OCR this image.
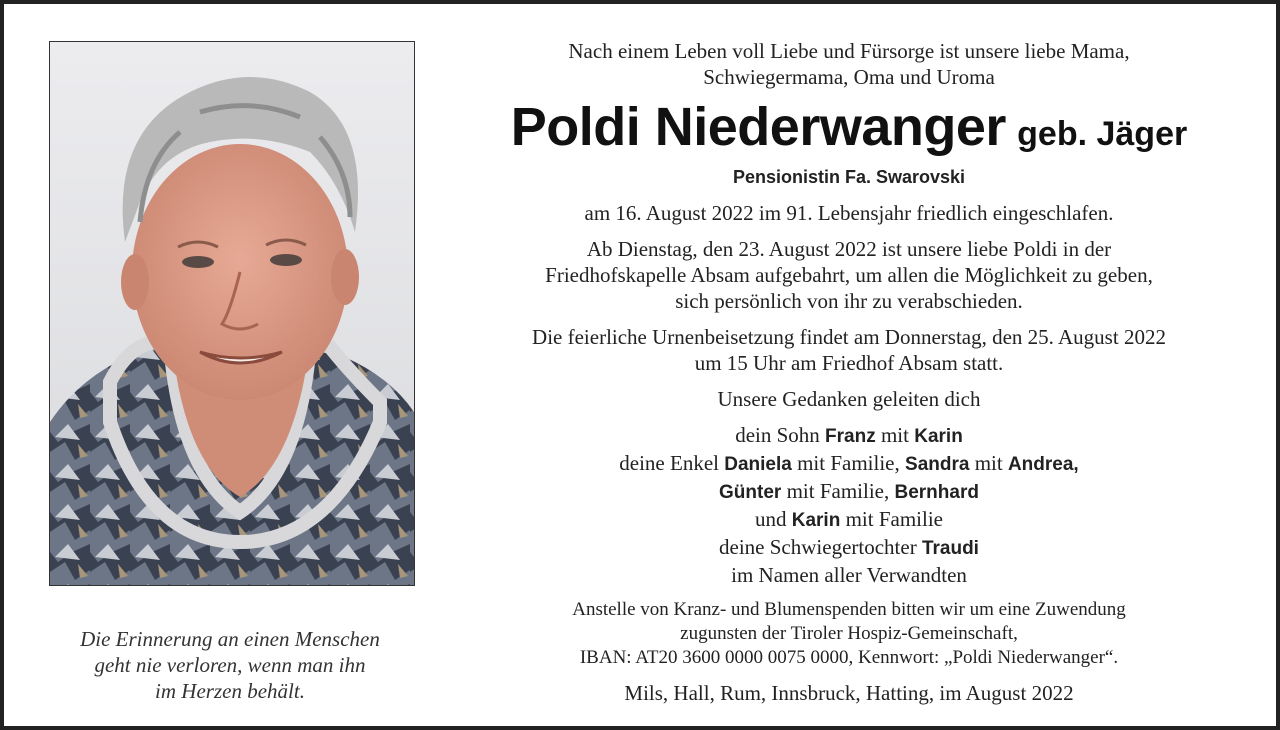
Die Erinnerung an einen Menschen
geht nie verloren, wenn man ihn
im Herzen behält.
Nach einem Leben voll Liebe und Fürsorge ist unsere liebe Mama,
Schwiegermama, Oma und Uroma
Poldi Niederwanger geb. Jäger
Pensionistin Fa. Swarovski
am 16. August 2022 im 91. Lebensjahr friedlich eingeschlafen.
Ab Dienstag, den 23. August 2022 ist unsere liebe Poldi in der
Friedhofskapelle Absam aufgebahrt, um allen die Möglichkeit zu geben,
sich persönlich von ihr zu verabschieden.
Die feierliche Urnenbeisetzung findet am Donnerstag, den 25. August 2022
um 15 Uhr am Friedhof Absam statt.
Unsere Gedanken geleiten dich
dein Sohn Franz mit Karin
deine Enkel Daniela mit Familie, Sandra mit Andrea,
Günter mit Familie, Bernhard
und Karin mit Familie
deine Schwiegertochter Traudi
im Namen aller Verwandten
Anstelle von Kranz- und Blumenspenden bitten wir um eine Zuwendung
zugunsten der Tiroler Hospiz-Gemeinschaft,
IBAN: AT20 3600 0000 0075 0000, Kennwort: „Poldi Niederwanger“.
Mils, Hall, Rum, Innsbruck, Hatting, im August 2022
